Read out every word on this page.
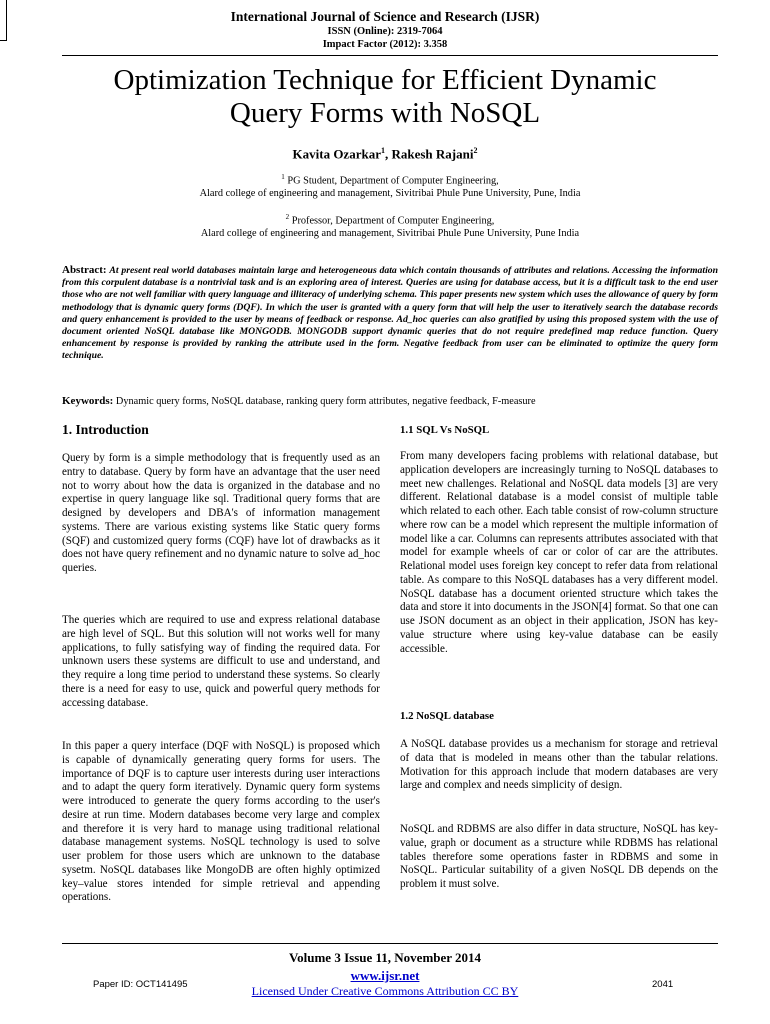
International Journal of Science and Research (IJSR)
ISSN (Online): 2319-7064
Impact Factor (2012): 3.358
Optimization Technique for Efficient Dynamic
Query Forms with NoSQL
Kavita Ozarkar$^1$, Rakesh Rajani$^2$
$^1$ PG Student, Department of Computer Engineering,
Alard college of engineering and management, Sivitribai Phule Pune University, Pune, India
$^2$ Professor, Department of Computer Engineering,
Alard college of engineering and management, Sivitribai Phule Pune University, Pune India
Abstract: At present real world databases maintain large and heterogeneous data which contain thousands of attributes and relations. Accessing the information from this corpulent database is a nontrivial task and is an exploring area of interest. Queries are using for database access, but it is a difficult task to the end user those who are not well familiar with query language and illiteracy of underlying schema. This paper presents new system which uses the allowance of query by form methodology that is dynamic query forms (DQF). In which the user is granted with a query form that will help the user to iteratively search the database records and query enhancement is provided to the user by means of feedback or response. Ad_hoc queries can also gratified by using this proposed system with the use of document oriented NoSQL database like MONGODB. MONGODB support dynamic queries that do not require predefined map reduce function. Query enhancement by response is provided by ranking the attribute used in the form. Negative feedback from user can be eliminated to optimize the query form technique.
Keywords: Dynamic query forms, NoSQL database, ranking query form attributes, negative feedback, F-measure
1. Introduction

Query by form is a simple methodology that is frequently used as an entry to database. Query by form have an advantage that the user need not to worry about how the data is organized in the database and no expertise in query language like sql. Traditional query forms that are designed by developers and DBA's of information management systems. There are various existing systems like Static query forms (SQF) and customized query forms (CQF) have lot of drawbacks as it does not have query refinement and no dynamic nature to solve ad_hoc queries.

The queries which are required to use and express relational database are high level of SQL. But this solution will not works well for many applications, to fully satisfying way of finding the required data. For unknown users these systems are difficult to use and understand, and they require a long time period to understand these systems. So clearly there is a need for easy to use, quick and powerful query methods for accessing database.

In this paper a query interface (DQF with NoSQL) is proposed which is capable of dynamically generating query forms for users. The importance of DQF is to capture user interests during user interactions and to adapt the query form iteratively. Dynamic query form systems were introduced to generate the query forms according to the user's desire at run time. Modern databases become very large and complex and therefore it is very hard to manage using traditional relational database management systems. NoSQL technology is used to solve user problem for those users which are unknown to the database sysetm. NoSQL databases like MongoDB are often highly optimized key–value stores intended for simple retrieval and appending operations.

1.1 SQL Vs NoSQL

From many developers facing problems with relational database, but application developers are increasingly turning to NoSQL databases to meet new challenges. Relational and NoSQL data models [3] are very different. Relational database is a model consist of multiple table which related to each other. Each table consist of row-column structure where row can be a model which represent the multiple information of model like a car. Columns can represents attributes associated with that model for example wheels of car or color of car are the attributes. Relational model uses foreign key concept to refer data from relational table. As compare to this NoSQL databases has a very different model. NoSQL database has a document oriented structure which takes the data and store it into documents in the JSON[4] format. So that one can use JSON document as an object in their application, JSON has key-value structure where using key-value database can be easily accessible.

1.2 NoSQL database

A NoSQL database provides us a mechanism for storage and retrieval of data that is modeled in means other than the tabular relations. Motivation for this approach include that modern databases are very large and complex and needs simplicity of design.

NoSQL and RDBMS are also differ in data structure, NoSQL has key-value, graph or document as a structure while RDBMS has relational tables therefore some operations faster in RDBMS and some in NoSQL. Particular suitability of a given NoSQL DB depends on the problem it must solve.

Volume 3 Issue 11, November 2014
www.ijsr.net
Licensed Under Creative Commons Attribution CC BY
Paper ID: OCT141495	2041
